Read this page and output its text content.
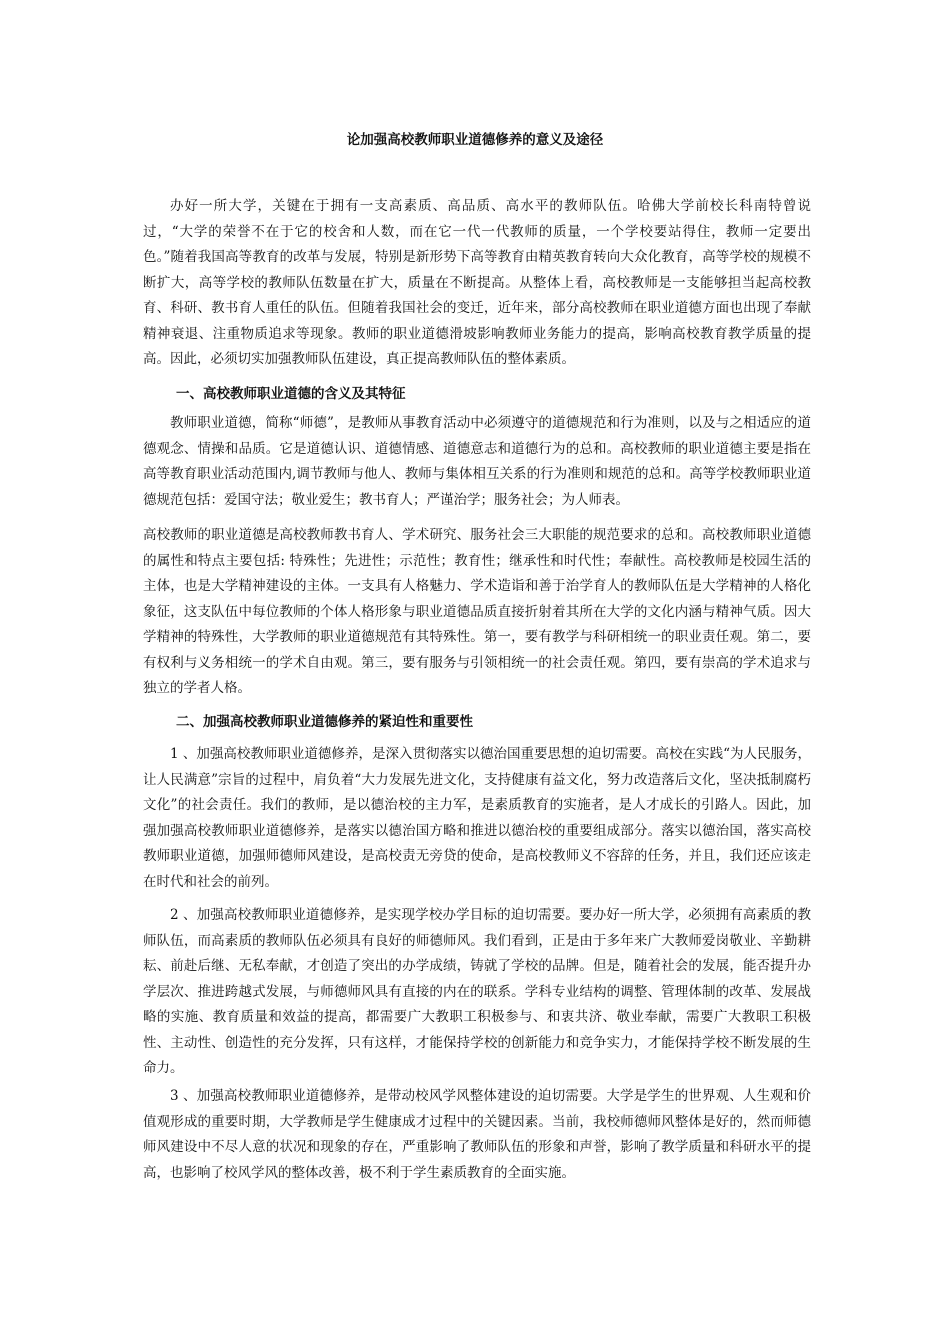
论加强高校教师职业道德修养的意义及途径

办好一所大学，关键在于拥有一支高素质、高品质、高水平的教师队伍。哈佛大学前校长科南特曾说过，“大学的荣誉不在于它的校舍和人数，而在它一代一代教师的质量，一个学校要站得住，教师一定要出色。”随着我国高等教育的改革与发展，特别是新形势下高等教育由精英教育转向大众化教育，高等学校的规模不断扩大，高等学校的教师队伍数量在扩大，质量在不断提高。从整体上看，高校教师是一支能够担当起高校教育、科研、教书育人重任的队伍。但随着我国社会的变迁，近年来，部分高校教师在职业道德方面也出现了奉献精神衰退、注重物质追求等现象。教师的职业道德滑坡影响教师业务能力的提高，影响高校教育教学质量的提高。因此，必须切实加强教师队伍建设，真正提高教师队伍的整体素质。

一、高校教师职业道德的含义及其特征

教师职业道德，简称“师德”，是教师从事教育活动中必须遵守的道德规范和行为准则，以及与之相适应的道德观念、情操和品质。它是道德认识、道德情感、道德意志和道德行为的总和。高校教师的职业道德主要是指在高等教育职业活动范围内,调节教师与他人、教师与集体相互关系的行为准则和规范的总和。高等学校教师职业道德规范包括：爱国守法；敬业爱生；教书育人；严谨治学；服务社会；为人师表。

高校教师的职业道德是高校教师教书育人、学术研究、服务社会三大职能的规范要求的总和。高校教师职业道德的属性和特点主要包括: 特殊性；先进性；示范性；教育性；继承性和时代性；奉献性。高校教师是校园生活的主体，也是大学精神建设的主体。一支具有人格魅力、学术造诣和善于治学育人的教师队伍是大学精神的人格化象征，这支队伍中每位教师的个体人格形象与职业道德品质直接折射着其所在大学的文化内涵与精神气质。因大学精神的特殊性，大学教师的职业道德规范有其特殊性。第一，要有教学与科研相统一的职业责任观。第二，要有权利与义务相统一的学术自由观。第三，要有服务与引领相统一的社会责任观。第四，要有崇高的学术追求与独立的学者人格。

二、加强高校教师职业道德修养的紧迫性和重要性

1 、加强高校教师职业道德修养，是深入贯彻落实以德治国重要思想的迫切需要。高校在实践“为人民服务，让人民满意”宗旨的过程中，肩负着“大力发展先进文化，支持健康有益文化，努力改造落后文化，坚决抵制腐朽文化”的社会责任。我们的教师，是以德治校的主力军，是素质教育的实施者，是人才成长的引路人。因此，加强加强高校教师职业道德修养，是落实以德治国方略和推进以德治校的重要组成部分。落实以德治国，落实高校教师职业道德，加强师德师风建设，是高校责无旁贷的使命，是高校教师义不容辞的任务，并且，我们还应该走在时代和社会的前列。

2 、加强高校教师职业道德修养，是实现学校办学目标的迫切需要。要办好一所大学，必须拥有高素质的教师队伍，而高素质的教师队伍必须具有良好的师德师风。我们看到，正是由于多年来广大教师爱岗敬业、辛勤耕耘、前赴后继、无私奉献，才创造了突出的办学成绩，铸就了学校的品牌。但是，随着社会的发展，能否提升办学层次、推进跨越式发展，与师德师风具有直接的内在的联系。学科专业结构的调整、管理体制的改革、发展战略的实施、教育质量和效益的提高，都需要广大教职工积极参与、和衷共济、敬业奉献，需要广大教职工积极性、主动性、创造性的充分发挥，只有这样，才能保持学校的创新能力和竞争实力，才能保持学校不断发展的生命力。

3 、加强高校教师职业道德修养，是带动校风学风整体建设的迫切需要。大学是学生的世界观、人生观和价值观形成的重要时期，大学教师是学生健康成才过程中的关键因素。当前，我校师德师风整体是好的，然而师德师风建设中不尽人意的状况和现象的存在，严重影响了教师队伍的形象和声誉，影响了教学质量和科研水平的提高，也影响了校风学风的整体改善，极不利于学生素质教育的全面实施。
